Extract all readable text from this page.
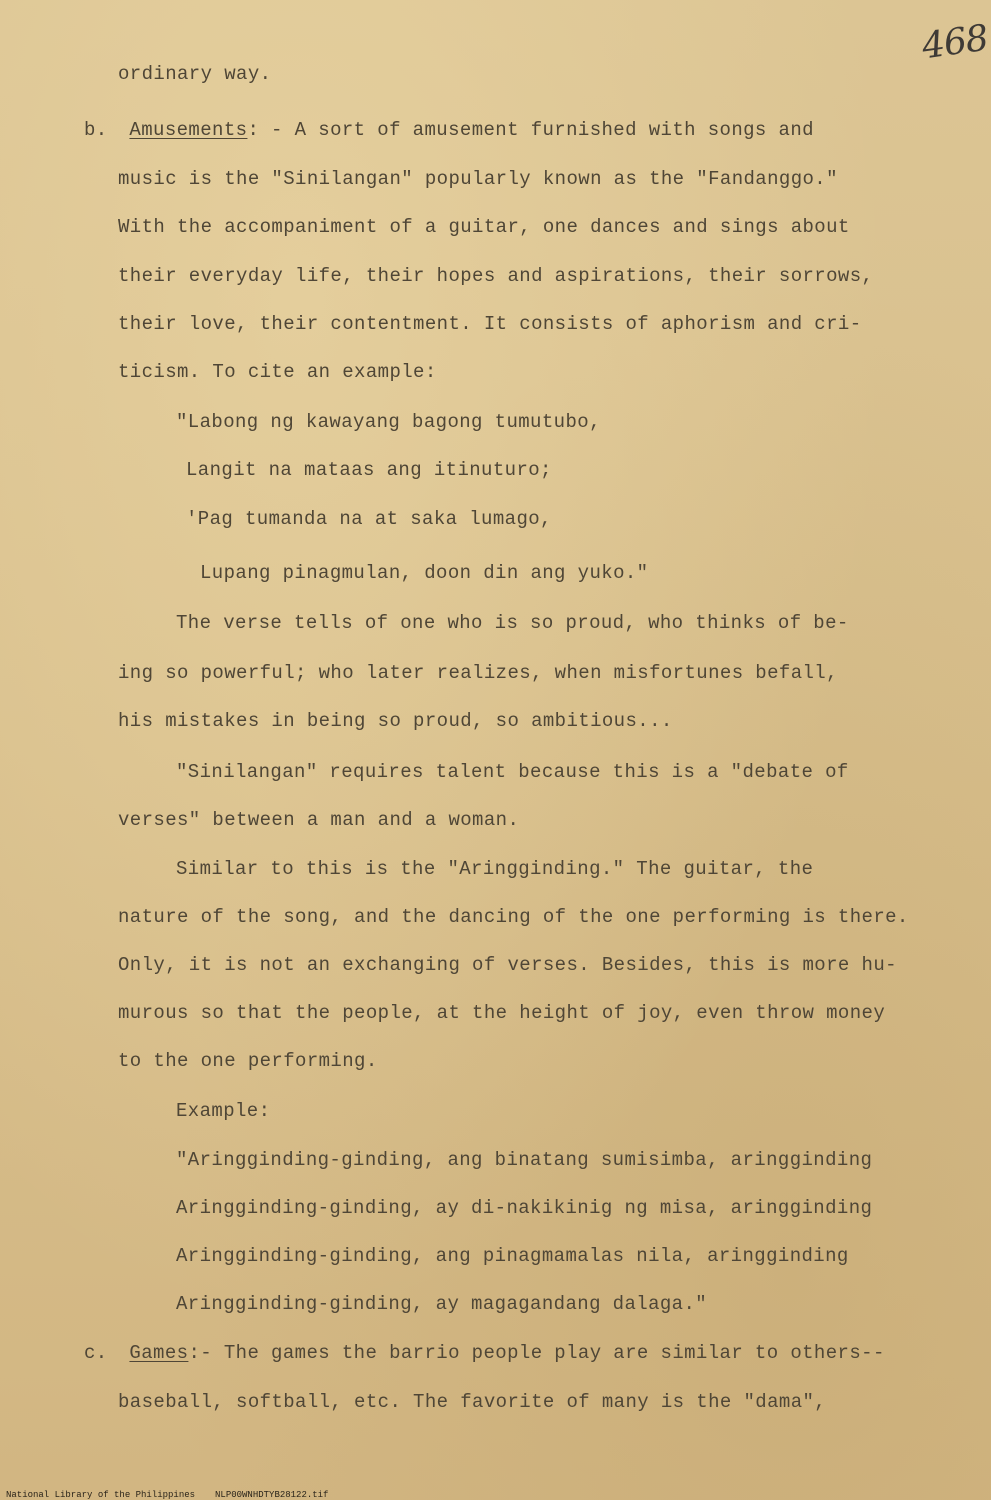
468
ordinary way.
b. Amusements: - A sort of amusement furnished with songs and
music is the "Sinilangan" popularly known as the "Fandanggo."
With the accompaniment of a guitar, one dances and sings about
their everyday life, their hopes and aspirations, their sorrows,
their love, their contentment. It consists of aphorism and cri-
ticism. To cite an example:
"Labong ng kawayang bagong tumutubo,
Langit na mataas ang itinuturo;
'Pag tumanda na at saka lumago,
Lupang pinagmulan, doon din ang yuko."
The verse tells of one who is so proud, who thinks of be-
ing so powerful; who later realizes, when misfortunes befall,
his mistakes in being so proud, so ambitious...
"Sinilangan" requires talent because this is a "debate of
verses" between a man and a woman.
Similar to this is the "Aringginding." The guitar, the
nature of the song, and the dancing of the one performing is there.
Only, it is not an exchanging of verses. Besides, this is more hu-
murous so that the people, at the height of joy, even throw money
to the one performing.
Example:
"Aringginding-ginding, ang binatang sumisimba, aringginding
Aringginding-ginding, ay di-nakikinig ng misa, aringginding
Aringginding-ginding, ang pinagmamalas nila, aringginding
Aringginding-ginding, ay magagandang dalaga."
c. Games:- The games the barrio people play are similar to others--
baseball, softball, etc. The favorite of many is the "dama",
National Library of the Philippines NLP00WNHDTYB28122.tif
